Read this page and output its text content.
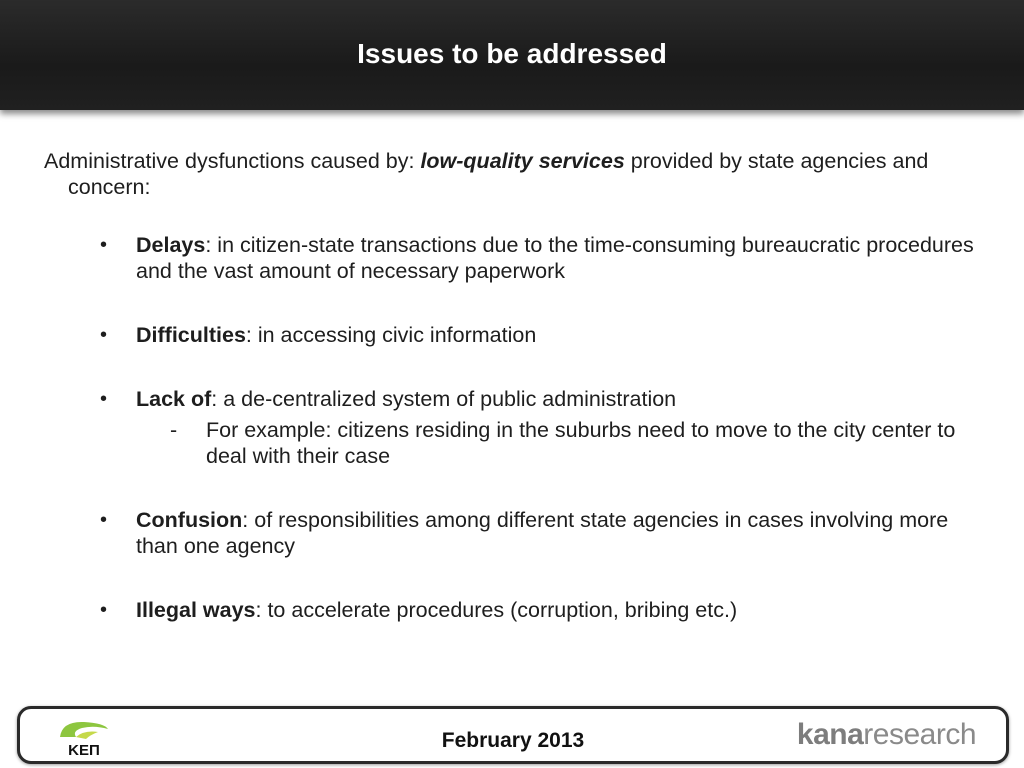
Issues to be addressed

Administrative dysfunctions caused by: low-quality services provided by state agencies and concern:

• Delays: in citizen-state transactions due to the time-consuming bureaucratic procedures and the vast amount of necessary paperwork
• Difficulties: in accessing civic information
• Lack of: a de-centralized system of public administration
- For example: citizens residing in the suburbs need to move to the city center to deal with their case
• Confusion: of responsibilities among different state agencies in cases involving more than one agency
• Illegal ways: to accelerate procedures (corruption, bribing etc.)
ΚΕΠ	February 2013	kanaresearch
